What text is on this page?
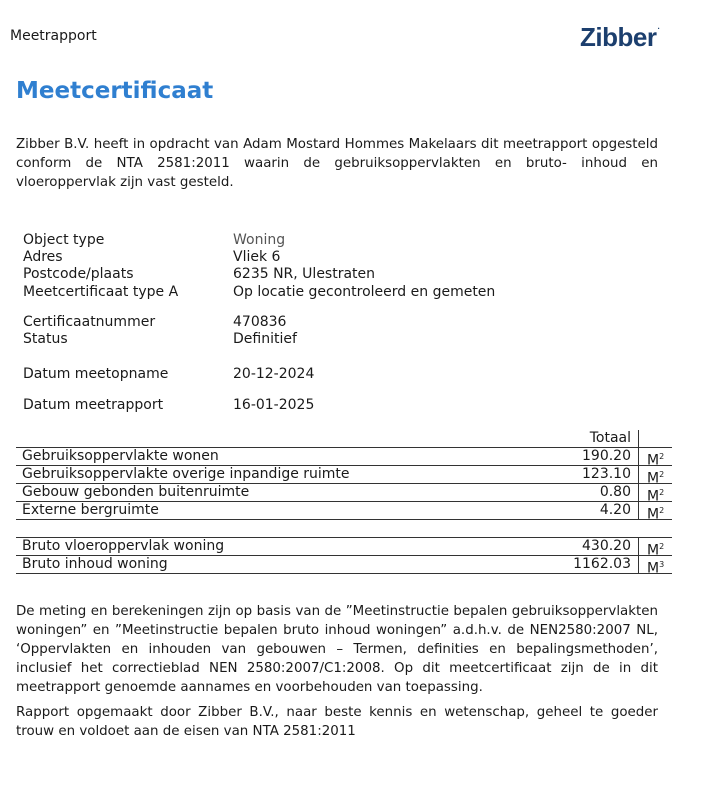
Meetrapport	Zibber.
Meetcertificaat
Zibber B.V. heeft in opdracht van Adam Mostard Hommes Makelaars dit meetrapport opgesteld conform de NTA 2581:2011 waarin de gebruiksoppervlakten en bruto- inhoud en vloeroppervlak zijn vast gesteld.
Object type	Woning
Adres	Vliek 6
Postcode/plaats	6235 NR, Ulestraten
Meetcertificaat type A	Op locatie gecontroleerd en gemeten
Certificaatnummer	470836
Status	Definitief
Datum meetopname	20-12-2024
Datum meetrapport	16-01-2025
Totaal
Gebruiksoppervlakte wonen	190.20	$M^2$
Gebruiksoppervlakte overige inpandige ruimte	123.10	$M^2$
Gebouw gebonden buitenruimte	0.80	$M^2$
Externe bergruimte	4.20	$M^2$
Bruto vloeroppervlak woning	430.20	$M^2$
Bruto inhoud woning	1162.03	$M^3$
De meting en berekeningen zijn op basis van de ”Meetinstructie bepalen gebruiksoppervlakten woningen” en ”Meetinstructie bepalen bruto inhoud woningen” a.d.h.v. de NEN2580:2007 NL, ‘Oppervlakten en inhouden van gebouwen – Termen, definities en bepalingsmethoden’, inclusief het correctieblad NEN 2580:2007/C1:2008. Op dit meetcertificaat zijn de in dit meetrapport genoemde aannames en voorbehouden van toepassing.
Rapport opgemaakt door Zibber B.V., naar beste kennis en wetenschap, geheel te goeder trouw en voldoet aan de eisen van NTA 2581:2011
